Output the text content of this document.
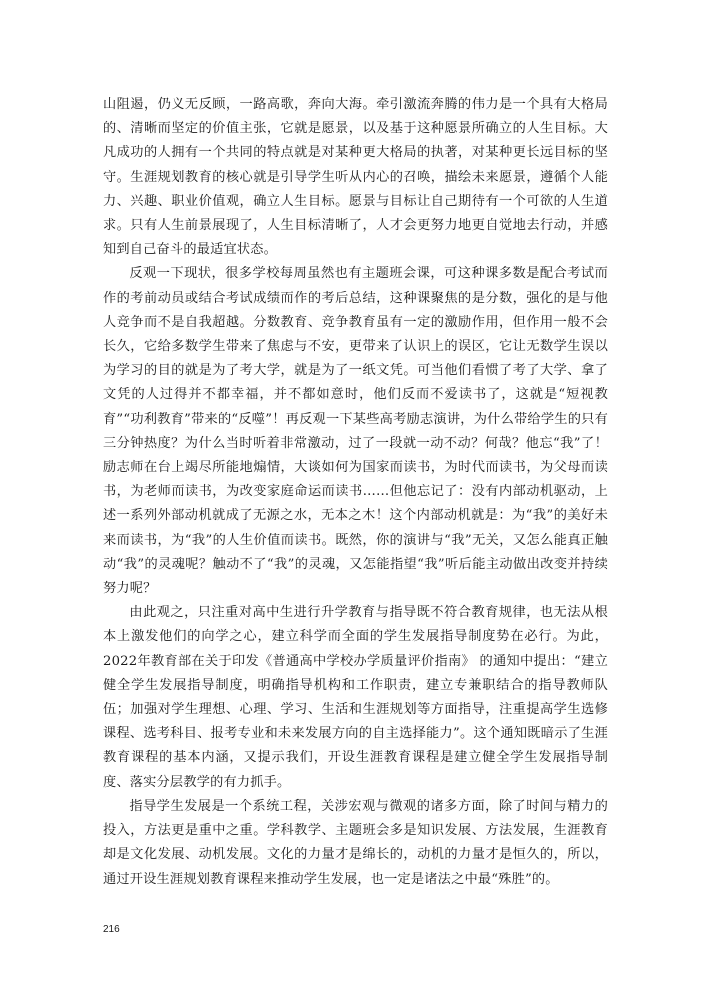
山阻遏，仍义无反顾，一路高歌，奔向大海。牵引激流奔腾的伟力是一个具有大格局的、清晰而坚定的价值主张，它就是愿景，以及基于这种愿景所确立的人生目标。大凡成功的人拥有一个共同的特点就是对某种更大格局的执著，对某种更长远目标的坚守。生涯规划教育的核心就是引导学生听从内心的召唤，描绘未来愿景，遵循个人能力、兴趣、职业价值观，确立人生目标。愿景与目标让自己期待有一个可欲的人生道求。只有人生前景展现了，人生目标清晰了，人才会更努力地更自觉地去行动，并感知到自己奋斗的最适宜状态。

反观一下现状，很多学校每周虽然也有主题班会课，可这种课多数是配合考试而作的考前动员或结合考试成绩而作的考后总结，这种课聚焦的是分数，强化的是与他人竞争而不是自我超越。分数教育、竞争教育虽有一定的激励作用，但作用一般不会长久，它给多数学生带来了焦虑与不安，更带来了认识上的误区，它让无数学生误以为学习的目的就是为了考大学，就是为了一纸文凭。可当他们看惯了考了大学、拿了文凭的人过得并不都幸福，并不都如意时，他们反而不爱读书了，这就是“短视教育”“功利教育”带来的“反噬”！再反观一下某些高考励志演讲，为什么带给学生的只有三分钟热度？为什么当时听着非常激动，过了一段就一动不动？何哉？他忘“我”了！励志师在台上竭尽所能地煽情，大谈如何为国家而读书，为时代而读书，为父母而读书，为老师而读书，为改变家庭命运而读书……但他忘记了：没有内部动机驱动，上述一系列外部动机就成了无源之水，无本之木！这个内部动机就是：为“我”的美好未来而读书，为“我”的人生价值而读书。既然，你的演讲与“我”无关，又怎么能真正触动“我”的灵魂呢？触动不了“我”的灵魂，又怎能指望“我”听后能主动做出改变并持续努力呢？

由此观之，只注重对高中生进行升学教育与指导既不符合教育规律，也无法从根本上激发他们的向学之心，建立科学而全面的学生发展指导制度势在必行。为此，2022年教育部在关于印发《普通高中学校办学质量评价指南》 的通知中提出：“建立健全学生发展指导制度，明确指导机构和工作职责，建立专兼职结合的指导教师队伍；加强对学生理想、心理、学习、生活和生涯规划等方面指导，注重提高学生选修课程、选考科目、报考专业和未来发展方向的自主选择能力”。这个通知既暗示了生涯教育课程的基本内涵，又提示我们，开设生涯教育课程是建立健全学生发展指导制度、落实分层教学的有力抓手。

指导学生发展是一个系统工程，关涉宏观与微观的诸多方面，除了时间与精力的投入，方法更是重中之重。学科教学、主题班会多是知识发展、方法发展，生涯教育却是文化发展、动机发展。文化的力量才是绵长的，动机的力量才是恒久的，所以，通过开设生涯规划教育课程来推动学生发展，也一定是诸法之中最“殊胜”的。

216
